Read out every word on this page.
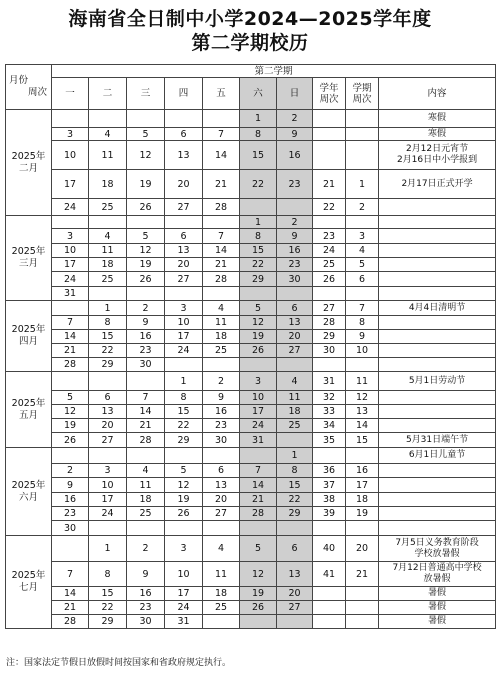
海南省全日制中小学2024—2025学年度
第二学期校历
月份
周次	第二学期									
	一	二	三	四	五	六	日	学年周次	学期周次	内容

2025年
二月						1	2			寒假
	3	4	5	6	7	8	9			寒假
	10	11	12	13	14	15	16			2月12日元宵节
2月16日中小学报到
	17	18	19	20	21	22	23	21	1	2月17日正式开学
	24	25	26	27	28			22	2	

2025年
三月						1	2			
	3	4	5	6	7	8	9	23	3	
	10	11	12	13	14	15	16	24	4	
	17	18	19	20	21	22	23	25	5	
	24	25	26	27	28	29	30	26	6	
	31									

2025年
四月		1	2	3	4	5	6	27	7	4月4日清明节
	7	8	9	10	11	12	13	28	8	
	14	15	16	17	18	19	20	29	9	
	21	22	23	24	25	26	27	30	10	
	28	29	30							

2025年
五月				1	2	3	4	31	11	5月1日劳动节
	5	6	7	8	9	10	11	32	12	
	12	13	14	15	16	17	18	33	13	
	19	20	21	22	23	24	25	34	14	
	26	27	28	29	30	31		35	15	5月31日端午节

2025年
六月							1			6月1日儿童节
	2	3	4	5	6	7	8	36	16	
	9	10	11	12	13	14	15	37	17	
	16	17	18	19	20	21	22	38	18	
	23	24	25	26	27	28	29	39	19	
	30									

2025年
七月		1	2	3	4	5	6	40	20	7月5日义务教育阶段
学校放暑假
	7	8	9	10	11	12	13	41	21	7月12日普通高中学校
放暑假
	14	15	16	17	18	19	20			暑假
	21	22	23	24	25	26	27			暑假
	28	29	30	31						暑假
注：国家法定节假日放假时间按国家和省政府规定执行。
